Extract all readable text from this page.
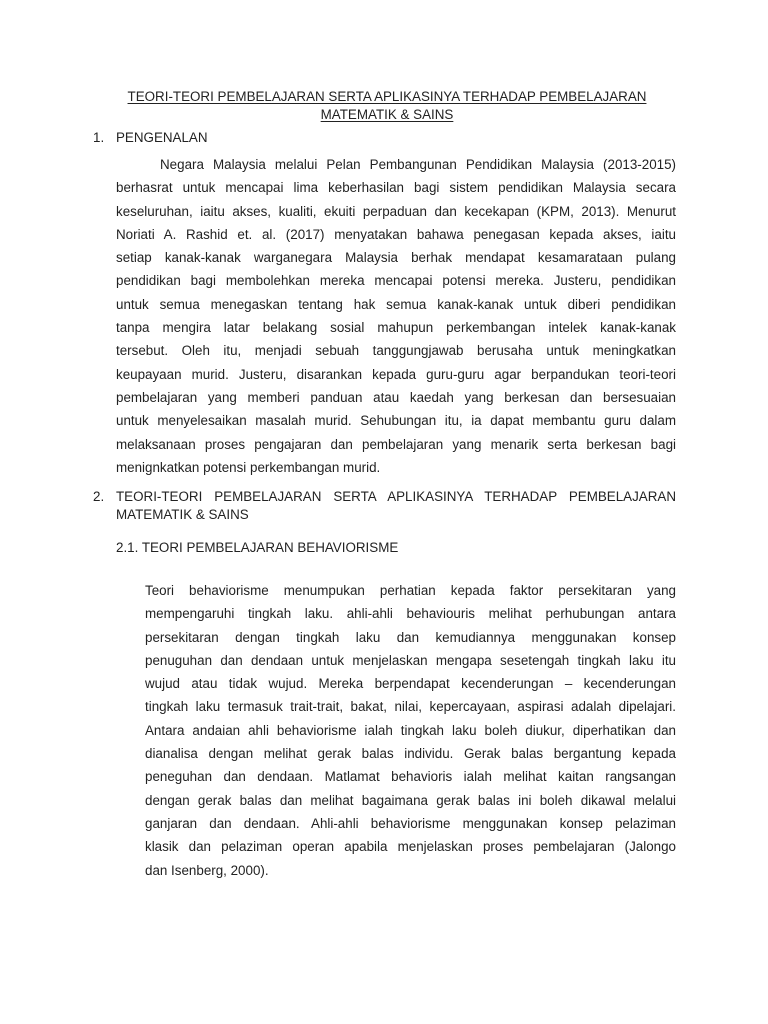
TEORI-TEORI PEMBELAJARAN SERTA APLIKASINYA TERHADAP PEMBELAJARAN
MATEMATIK & SAINS
1. PENGENALAN
Negara Malaysia melalui Pelan Pembangunan Pendidikan Malaysia (2013-2015)
berhasrat untuk mencapai lima keberhasilan bagi sistem pendidikan Malaysia secara
keseluruhan, iaitu akses, kualiti, ekuiti perpaduan dan kecekapan (KPM, 2013). Menurut
Noriati A. Rashid et. al. (2017) menyatakan bahawa penegasan kepada akses, iaitu
setiap kanak-kanak warganegara Malaysia berhak mendapat kesamarataan pulang
pendidikan bagi membolehkan mereka mencapai potensi mereka. Justeru, pendidikan
untuk semua menegaskan tentang hak semua kanak-kanak untuk diberi pendidikan
tanpa mengira latar belakang sosial mahupun perkembangan intelek kanak-kanak
tersebut. Oleh itu, menjadi sebuah tanggungjawab berusaha untuk meningkatkan
keupayaan murid. Justeru, disarankan kepada guru-guru agar berpandukan teori-teori
pembelajaran yang memberi panduan atau kaedah yang berkesan dan bersesuaian
untuk menyelesaikan masalah murid. Sehubungan itu, ia dapat membantu guru dalam
melaksanaan proses pengajaran dan pembelajaran yang menarik serta berkesan bagi
menignkatkan potensi perkembangan murid.
2. TEORI-TEORI PEMBELAJARAN SERTA APLIKASINYA TERHADAP PEMBELAJARAN
MATEMATIK & SAINS
2.1. TEORI PEMBELAJARAN BEHAVIORISME
Teori behaviorisme menumpukan perhatian kepada faktor persekitaran yang
mempengaruhi tingkah laku. ahli-ahli behaviouris melihat perhubungan antara
persekitaran dengan tingkah laku dan kemudiannya menggunakan konsep
penuguhan dan dendaan untuk menjelaskan mengapa sesetengah tingkah laku itu
wujud atau tidak wujud. Mereka berpendapat kecenderungan – kecenderungan
tingkah laku termasuk trait-trait, bakat, nilai, kepercayaan, aspirasi adalah dipelajari.
Antara andaian ahli behaviorisme ialah tingkah laku boleh diukur, diperhatikan dan
dianalisa dengan melihat gerak balas individu. Gerak balas bergantung kepada
peneguhan dan dendaan. Matlamat behavioris ialah melihat kaitan rangsangan
dengan gerak balas dan melihat bagaimana gerak balas ini boleh dikawal melalui
ganjaran dan dendaan. Ahli-ahli behaviorisme menggunakan konsep pelaziman
klasik dan pelaziman operan apabila menjelaskan proses pembelajaran (Jalongo
dan Isenberg, 2000).
